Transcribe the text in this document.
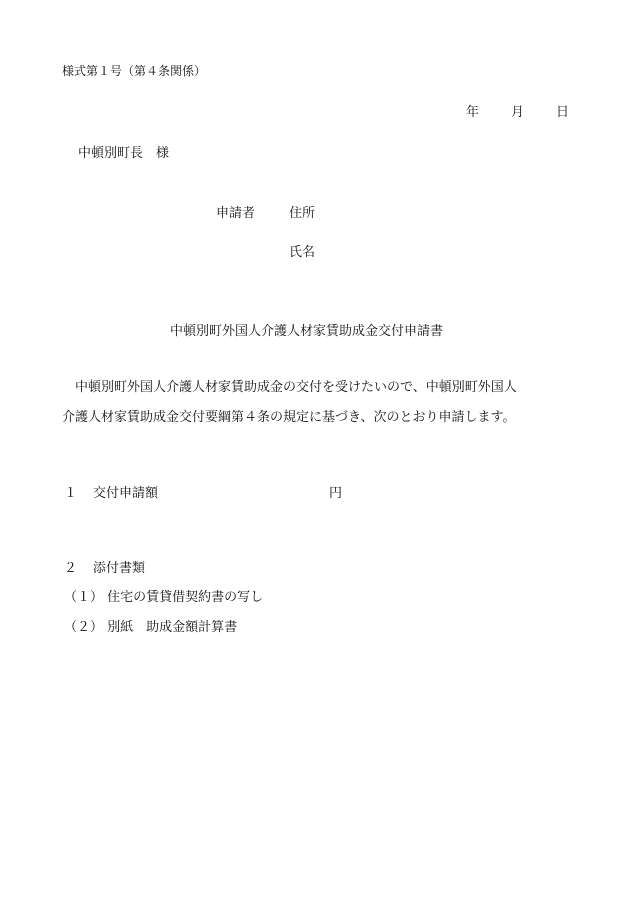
様式第１号（第４条関係）

年 月 日

中頓別町長　様

申請者	住所

氏名

中頓別町外国人介護人材家賃助成金交付申請書

　中頓別町外国人介護人材家賃助成金の交付を受けたいので、中頓別町外国人

介護人材家賃助成金交付要綱第４条の規定に基づき、次のとおり申請します。

１ 交付申請額	円

２ 添付書類

（１） 住宅の賃貸借契約書の写し

（２） 別紙　助成金額計算書
